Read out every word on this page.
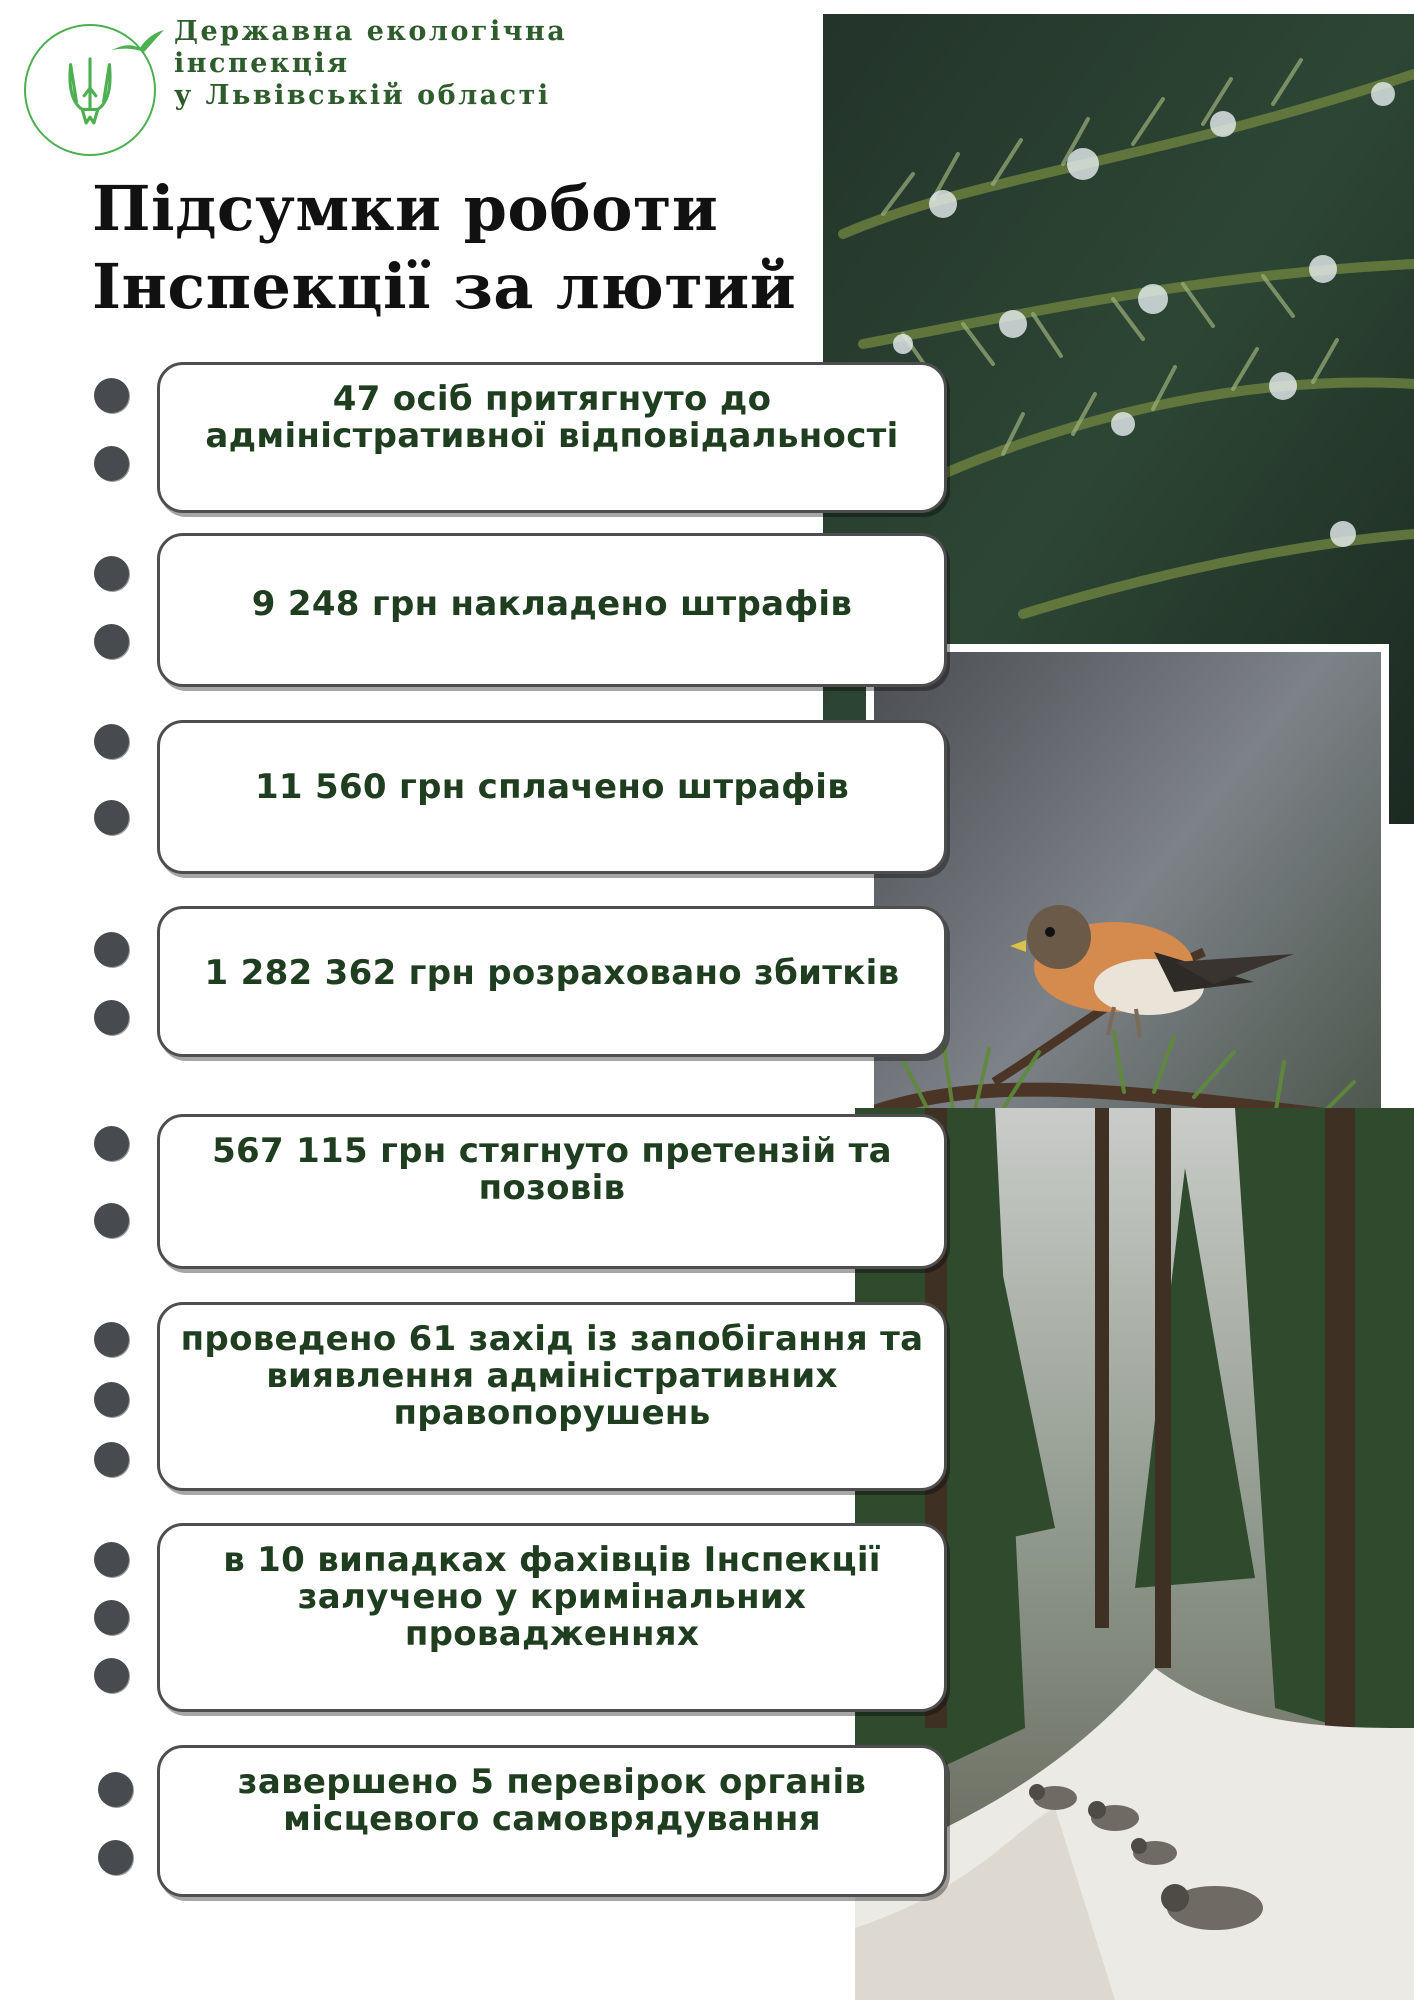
Державна екологічна
інспекція
у Львівській області
Підсумки роботи
Інспекції за лютий
47 осіб притягнуто до адміністративної відповідальності
9 248 грн накладено штрафів
11 560 грн сплачено штрафів
1 282 362 грн розраховано збитків
567 115 грн стягнуто претензій та позовів
проведено 61 захід із запобігання та виявлення адміністративних правопорушень
в 10 випадках фахівців Інспекції залучено у кримінальних провадженнях
завершено 5 перевірок органів місцевого самоврядування
